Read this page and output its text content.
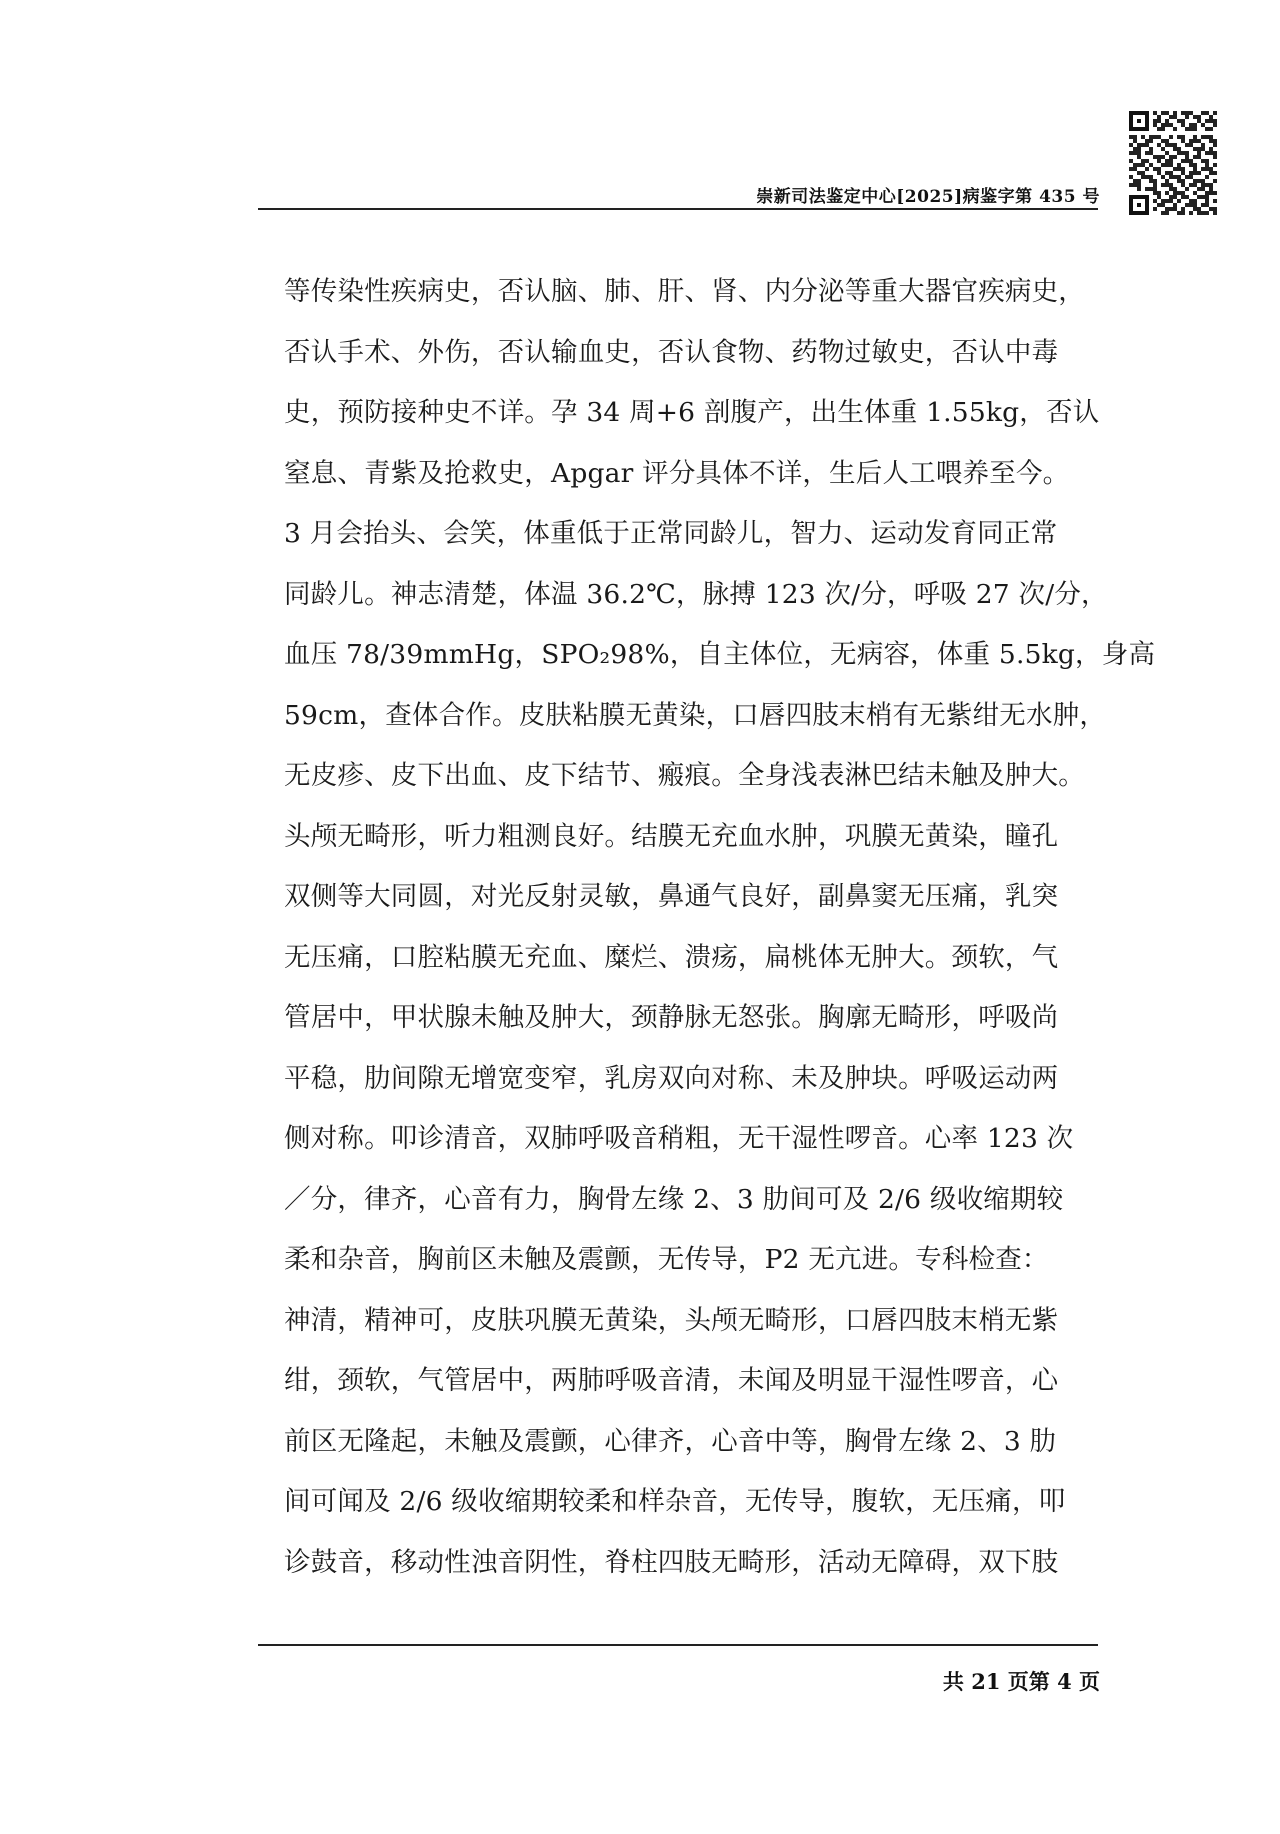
崇新司法鉴定中心[2025]病鉴字第 435 号
等传染性疾病史，否认脑、肺、肝、肾、内分泌等重大器官疾病史，
否认手术、外伤，否认输血史，否认食物、药物过敏史，否认中毒
史，预防接种史不详。孕 34 周+6 剖腹产，出生体重 1.55kg，否认
窒息、青紫及抢救史，Apgar 评分具体不详，生后人工喂养至今。
3 月会抬头、会笑，体重低于正常同龄儿，智力、运动发育同正常
同龄儿。神志清楚，体温 36.2℃，脉搏 123 次/分，呼吸 27 次/分，
血压 78/39mmHg，SPO₂98%，自主体位，无病容，体重 5.5kg，身高
59cm，查体合作。皮肤粘膜无黄染，口唇四肢末梢有无紫绀无水肿，
无皮疹、皮下出血、皮下结节、瘢痕。全身浅表淋巴结未触及肿大。
头颅无畸形，听力粗测良好。结膜无充血水肿，巩膜无黄染，瞳孔
双侧等大同圆，对光反射灵敏，鼻通气良好，副鼻窦无压痛，乳突
无压痛，口腔粘膜无充血、糜烂、溃疡，扁桃体无肿大。颈软，气
管居中，甲状腺未触及肿大，颈静脉无怒张。胸廓无畸形，呼吸尚
平稳，肋间隙无增宽变窄，乳房双向对称、未及肿块。呼吸运动两
侧对称。叩诊清音，双肺呼吸音稍粗，无干湿性啰音。心率 123 次
／分，律齐，心音有力，胸骨左缘 2、3 肋间可及 2/6 级收缩期较
柔和杂音，胸前区未触及震颤，无传导，P2 无亢进。专科检查：
神清，精神可，皮肤巩膜无黄染，头颅无畸形，口唇四肢末梢无紫
绀，颈软，气管居中，两肺呼吸音清，未闻及明显干湿性啰音，心
前区无隆起，未触及震颤，心律齐，心音中等，胸骨左缘 2、3 肋
间可闻及 2/6 级收缩期较柔和样杂音，无传导，腹软，无压痛，叩
诊鼓音，移动性浊音阴性，脊柱四肢无畸形，活动无障碍，双下肢
共 21 页第 4 页
